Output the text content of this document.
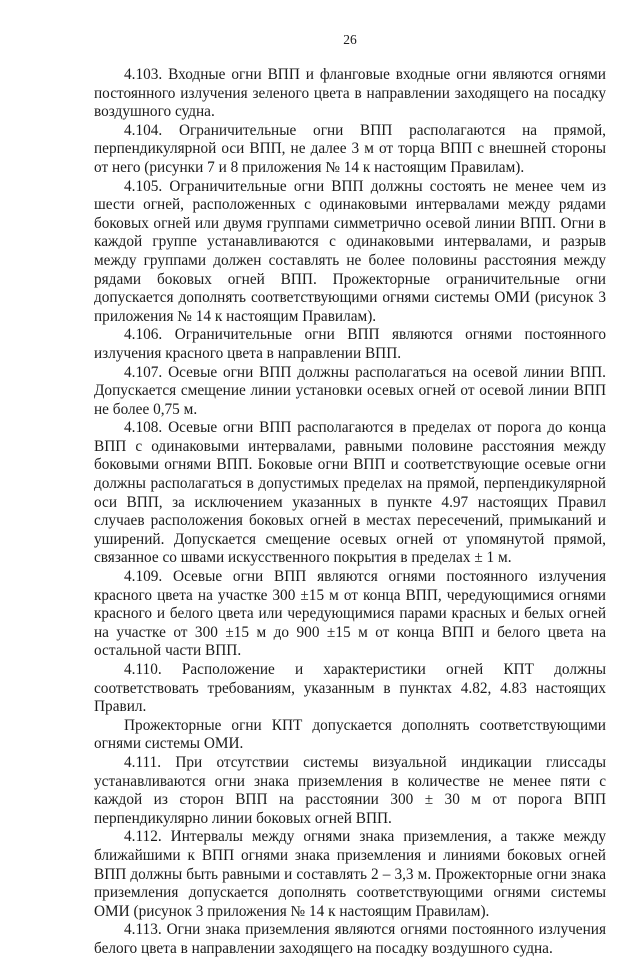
26

4.103. Входные огни ВПП и фланговые входные огни являются огнями постоянного излучения зеленого цвета в направлении заходящего на посадку воздушного судна.

4.104. Ограничительные огни ВПП располагаются на прямой, перпендикулярной оси ВПП, не далее 3 м от торца ВПП с внешней стороны от него (рисунки 7 и 8 приложения № 14 к настоящим Правилам).

4.105. Ограничительные огни ВПП должны состоять не менее чем из шести огней, расположенных с одинаковыми интервалами между рядами боковых огней или двумя группами симметрично осевой линии ВПП. Огни в каждой группе устанавливаются с одинаковыми интервалами, и разрыв между группами должен составлять не более половины расстояния между рядами боковых огней ВПП. Прожекторные ограничительные огни допускается дополнять соответствующими огнями системы ОМИ (рисунок 3 приложения № 14 к настоящим Правилам).

4.106. Ограничительные огни ВПП являются огнями постоянного излучения красного цвета в направлении ВПП.

4.107. Осевые огни ВПП должны располагаться на осевой линии ВПП. Допускается смещение линии установки осевых огней от осевой линии ВПП не более 0,75 м.

4.108. Осевые огни ВПП располагаются в пределах от порога до конца ВПП с одинаковыми интервалами, равными половине расстояния между боковыми огнями ВПП. Боковые огни ВПП и соответствующие осевые огни должны располагаться в допустимых пределах на прямой, перпендикулярной оси ВПП, за исключением указанных в пункте 4.97 настоящих Правил случаев расположения боковых огней в местах пересечений, примыканий и уширений. Допускается смещение осевых огней от упомянутой прямой, связанное со швами искусственного покрытия в пределах ± 1 м.

4.109. Осевые огни ВПП являются огнями постоянного излучения красного цвета на участке 300 ±15 м от конца ВПП, чередующимися огнями красного и белого цвета или чередующимися парами красных и белых огней на участке от 300 ±15 м до 900 ±15 м от конца ВПП и белого цвета на остальной части ВПП.

4.110. Расположение и характеристики огней КПТ должны соответствовать требованиям, указанным в пунктах 4.82, 4.83 настоящих Правил.

Прожекторные огни КПТ допускается дополнять соответствующими огнями системы ОМИ.

4.111. При отсутствии системы визуальной индикации глиссады устанавливаются огни знака приземления в количестве не менее пяти с каждой из сторон ВПП на расстоянии 300 ± 30 м от порога ВПП перпендикулярно линии боковых огней ВПП.

4.112. Интервалы между огнями знака приземления, а также между ближайшими к ВПП огнями знака приземления и линиями боковых огней ВПП должны быть равными и составлять 2 – 3,3 м. Прожекторные огни знака приземления допускается дополнять соответствующими огнями системы ОМИ (рисунок 3 приложения № 14 к настоящим Правилам).

4.113. Огни знака приземления являются огнями постоянного излучения белого цвета в направлении заходящего на посадку воздушного судна.
